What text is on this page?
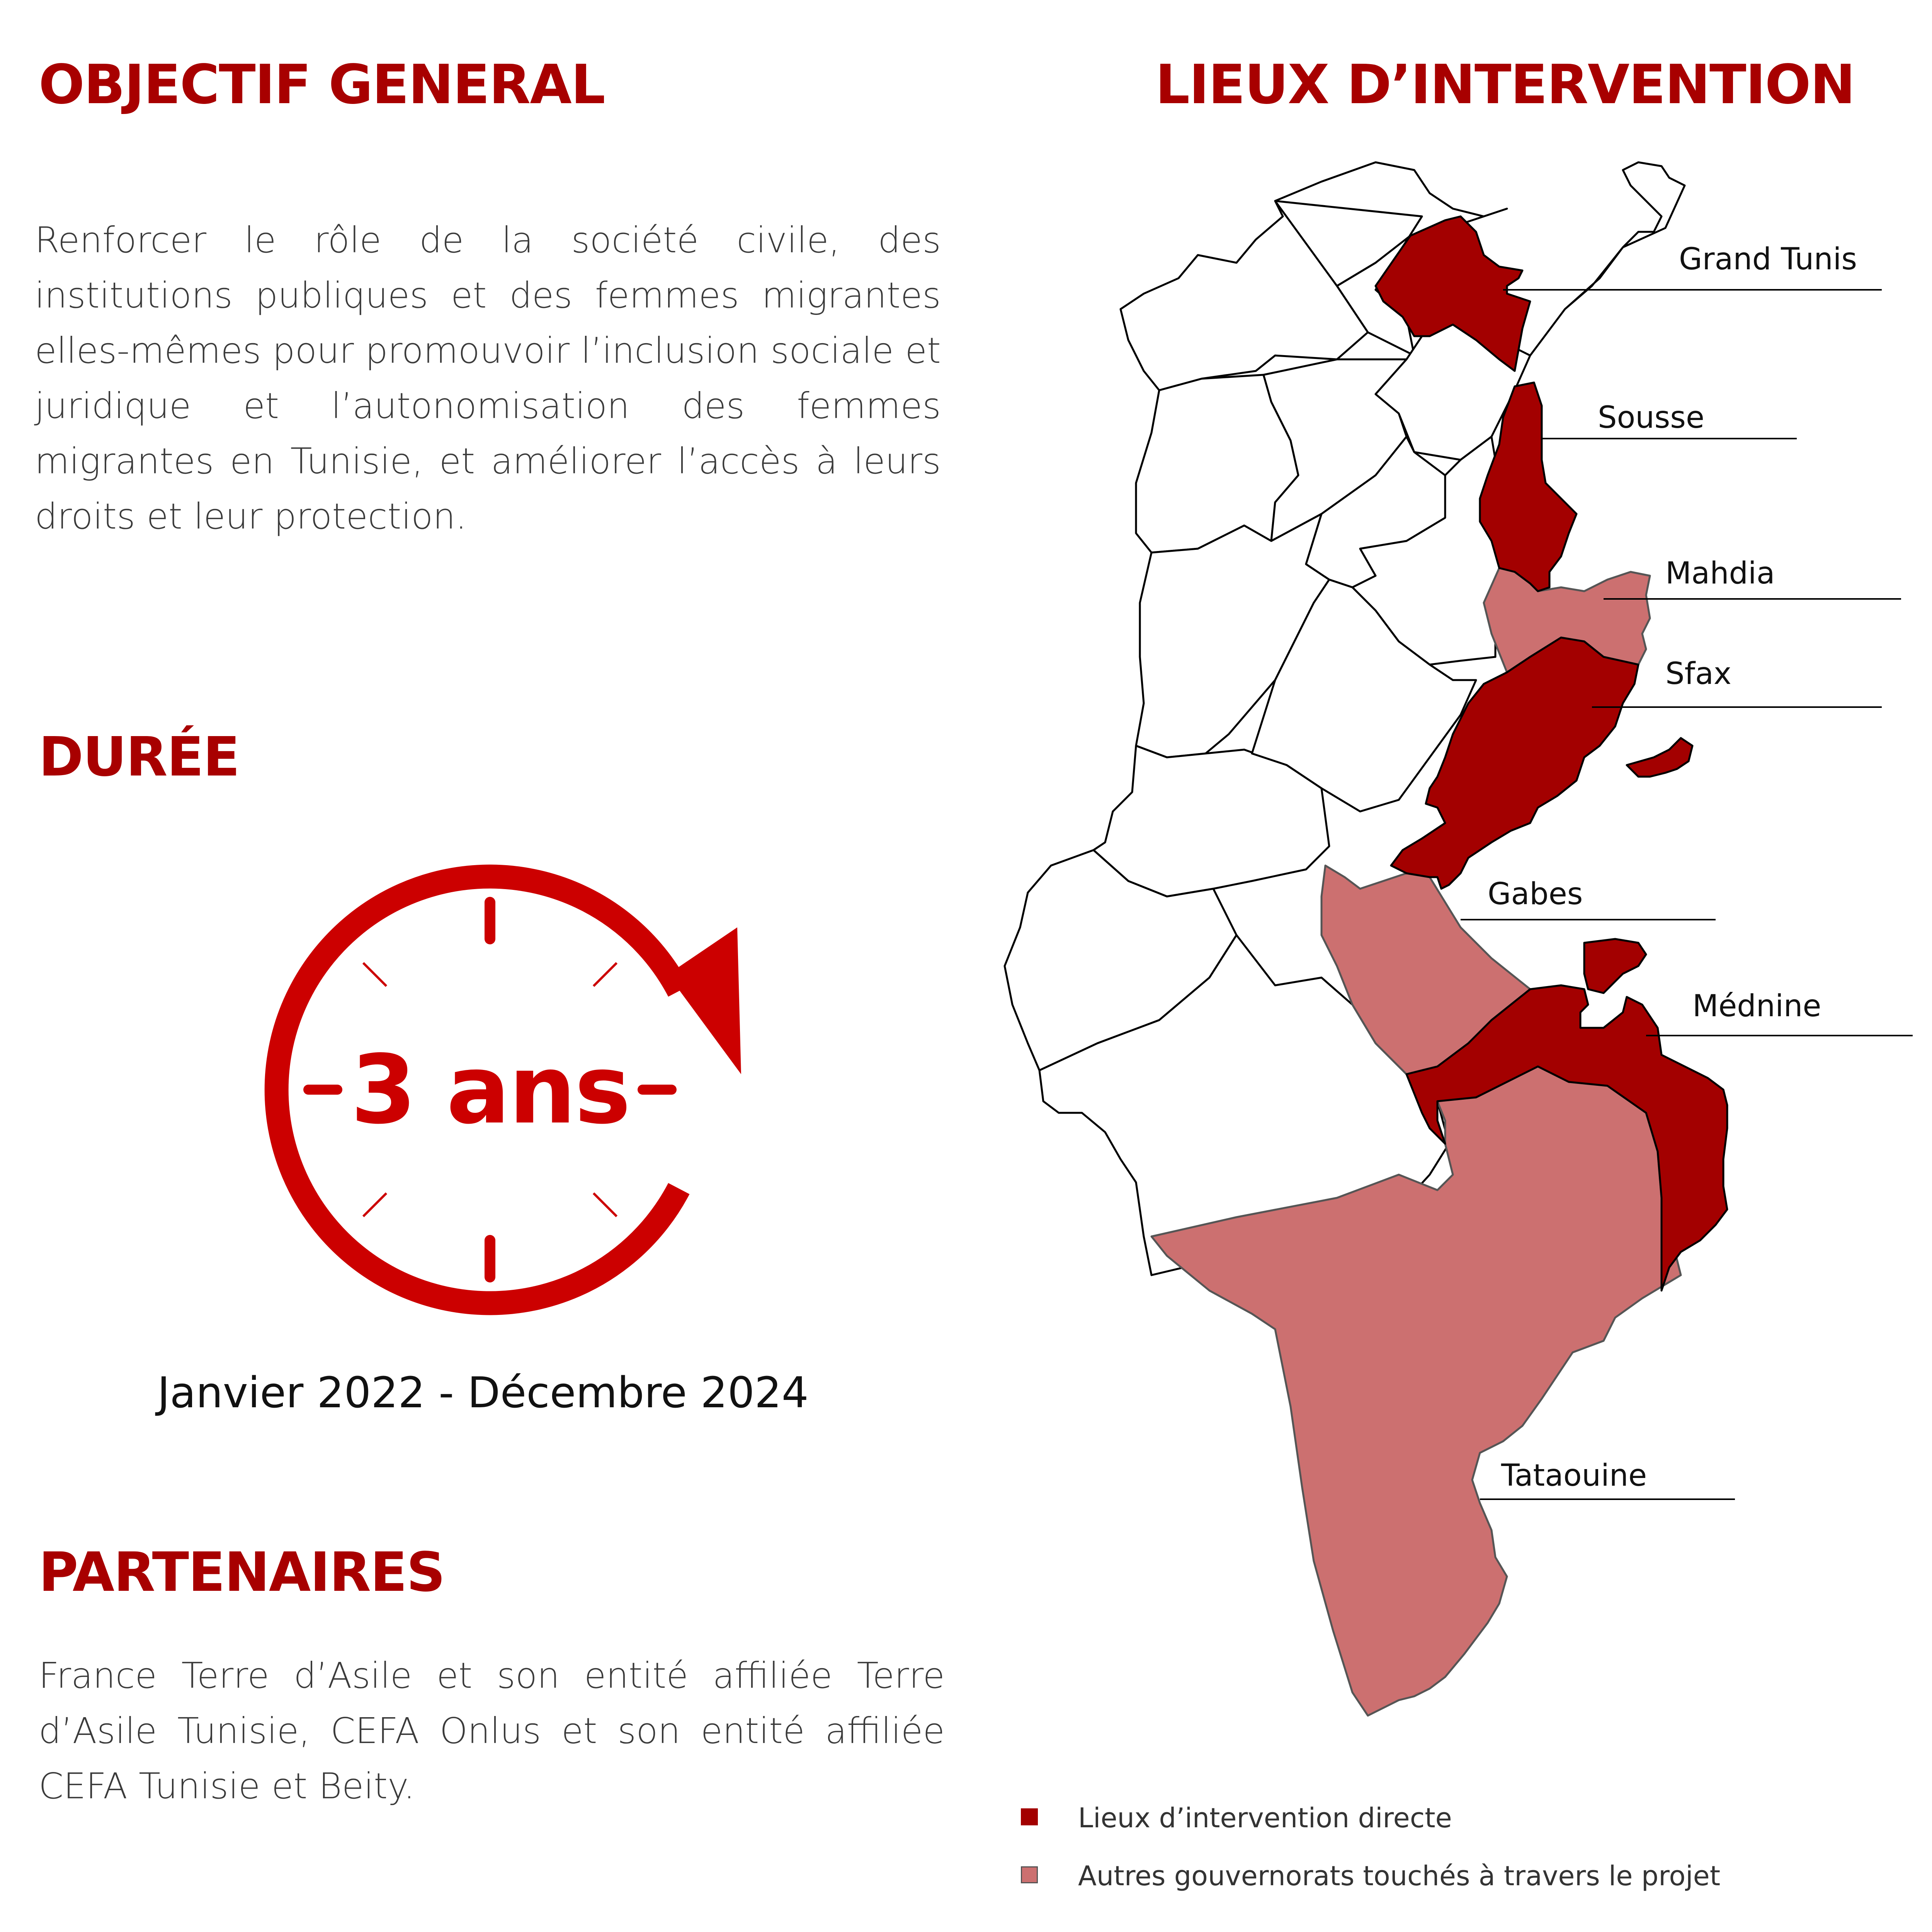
OBJECTIF GENERAL
Renforcer le rôle de la société civile, des institutions publiques et des femmes migrantes elles-mêmes pour promouvoir l’inclusion sociale et juridique et l’autonomisation des femmes migrantes en Tunisie, et améliorer l’accès à leurs droits et leur protection.
DURÉE
3 ans
Janvier 2022 - Décembre 2024
PARTENAIRES
France Terre d’Asile et son entité affiliée Terre d’Asile Tunisie, CEFA Onlus et son entité affiliée CEFA Tunisie et Beity.
LIEUX D’INTERVENTION
Grand Tunis
Sousse
Mahdia
Sfax
Gabes
Médnine
Tataouine
Lieux d’intervention directe
Autres gouvernorats touchés à travers le projet
